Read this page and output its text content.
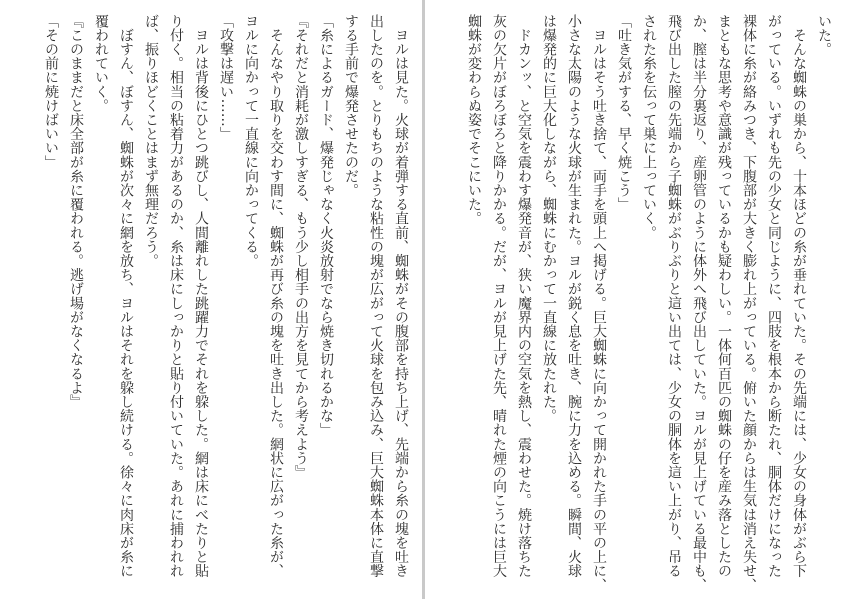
　ヨルは見た。火球が着弾する直前、蜘蛛がその腹部を持ち上げ、先端から糸の塊を吐き
出したのを。とりもちのような粘性の塊が広がって火球を包み込み、巨大蜘蛛本体に直撃
する手前で爆発させたのだ。
「糸によるガード、爆発じゃなく火炎放射でなら焼き切れるかな」
『それだと消耗が激しすぎる、もう少し相手の出方を見てから考えよう』
　そんなやり取りを交わす間に、蜘蛛が再び糸の塊を吐き出した。網状に広がった糸が、
ヨルに向かって一直線に向かってくる。
「攻撃は遅い……」
　ヨルは背後にひとつ跳びし、人間離れした跳躍力でそれを躱した。網は床にべたりと貼
り付く。相当の粘着力があるのか、糸は床にしっかりと貼り付いていた。あれに捕われれ
ば、振りほどくことはまず無理だろう。
　ぼすん、ぼすん、蜘蛛が次々に網を放ち、ヨルはそれを躱し続ける。徐々に肉床が糸に
覆われていく。
『このままだと床全部が糸に覆われる。逃げ場がなくなるよ』
「その前に焼けばいい」	いた。
　そんな蜘蛛の巣から、十本ほどの糸が垂れていた。その先端には、少女の身体がぶら下
がっている。いずれも先の少女と同じように、四肢を根本から断たれ、胴体だけになった
裸体に糸が絡みつき、下腹部が大きく膨れ上がっている。俯いた顔からは生気は消え失せ、
まともな思考や意識が残っているかも疑わしい。一体何百匹の蜘蛛の仔を産み落としたの
か、膣は半分裏返り、産卵管のように体外へ飛び出していた。ヨルが見上げている最中も、
飛び出した膣の先端から子蜘蛛がぶりぶりと這い出ては、少女の胴体を這い上がり、吊る
された糸を伝って巣に上っていく。
「吐き気がする、早く焼こう」
　ヨルはそう吐き捨て、両手を頭上へ掲げる。巨大蜘蛛に向かって開かれた手の平の上に、
小さな太陽のような火球が生まれた。ヨルが鋭く息を吐き、腕に力を込める。瞬間、火球
は爆発的に巨大化しながら、蜘蛛にむかって一直線に放たれた。
　ドカンッ、と空気を震わす爆発音が、狭い魔界内の空気を熱し、震わせた。焼け落ちた
灰の欠片がぼろぼろと降りかかる。だが、ヨルが見上げた先、晴れた煙の向こうには巨大
蜘蛛が変わらぬ姿でそこにいた。
